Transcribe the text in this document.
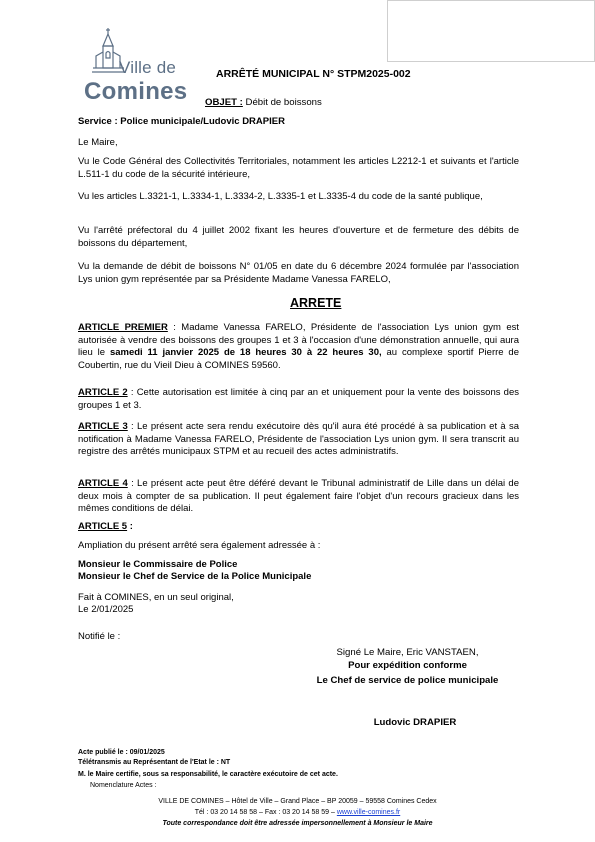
Ville de
Comines
ARRÊTÉ MUNICIPAL N° STPM2025-002
OBJET : Débit de boissons
Service : Police municipale/Ludovic DRAPIER
Le Maire,
Vu le Code Général des Collectivités Territoriales, notamment les articles L2212-1 et suivants et l'article L.511-1 du code de la sécurité intérieure,
Vu les articles L.3321-1, L.3334-1, L.3334-2, L.3335-1 et L.3335-4 du code de la santé publique,
Vu l'arrêté préfectoral du 4 juillet 2002 fixant les heures d'ouverture et de fermeture des débits de boissons du département,
Vu la demande de débit de boissons N° 01/05 en date du 6 décembre 2024 formulée par l'association Lys union gym représentée par sa Présidente Madame Vanessa FARELO,
ARRETE
ARTICLE PREMIER : Madame Vanessa FARELO, Présidente de l'association Lys union gym est autorisée à vendre des boissons des groupes 1 et 3 à l'occasion d'une démonstration annuelle, qui aura lieu le samedi 11 janvier 2025 de 18 heures 30 à 22 heures 30, au complexe sportif Pierre de Coubertin, rue du Vieil Dieu à COMINES 59560.
ARTICLE 2 : Cette autorisation est limitée à cinq par an et uniquement pour la vente des boissons des groupes 1 et 3.
ARTICLE 3 : Le présent acte sera rendu exécutoire dès qu'il aura été procédé à sa publication et à sa notification à Madame Vanessa FARELO, Présidente de l'association Lys union gym. Il sera transcrit au registre des arrêtés municipaux STPM et au recueil des actes administratifs.
ARTICLE 4 : Le présent acte peut être déféré devant le Tribunal administratif de Lille dans un délai de deux mois à compter de sa publication. Il peut également faire l'objet d'un recours gracieux dans les mêmes conditions de délai.
ARTICLE 5 :
Ampliation du présent arrêté sera également adressée à :
Monsieur le Commissaire de Police
Monsieur le Chef de Service de la Police Municipale
Fait à COMINES, en un seul original,
Le 2/01/2025
Notifié le :
Signé Le Maire, Eric VANSTAEN,
Pour expédition conforme
Le Chef de service de police municipale
Ludovic DRAPIER
Acte publié le : 09/01/2025
Télétransmis au Représentant de l'Etat le : NT
M. le Maire certifie, sous sa responsabilité, le caractère exécutoire de cet acte.
Nomenclature Actes :
VILLE DE COMINES – Hôtel de Ville – Grand Place – BP 20059 – 59558 Comines Cedex
Tél : 03 20 14 58 58 – Fax : 03 20 14 58 59 – www.ville-comines.fr
Toute correspondance doit être adressée impersonnellement à Monsieur le Maire
